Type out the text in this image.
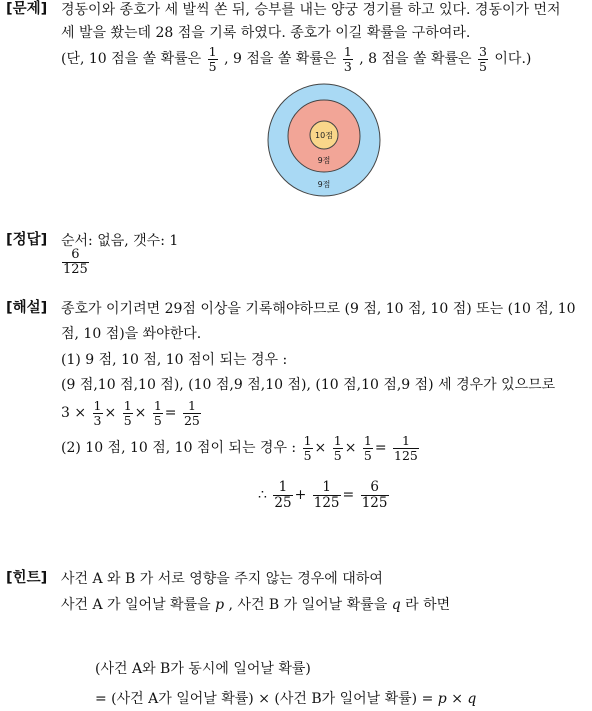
[문제] 경동이와 종호가 세 발씩 쏜 뒤, 승부를 내는 양궁 경기를 하고 있다. 경동이가 먼저
세 발을 쐈는데 28 점을 기록 하였다. 종호가 이길 확률을 구하여라.
(단, 10 점을 쏠 확률은 $\frac{1}{5}$ , 9 점을 쏠 확률은 $\frac{1}{3}$ , 8 점을 쏠 확률은 $\frac{3}{5}$ 이다.)
10점
9점
9점
[정답] 순서: 없음, 갯수: 1
$\frac{6}{125}$
[해설] 종호가 이기려면 29점 이상을 기록해야하므로 (9 점, 10 점, 10 점) 또는 (10 점, 10
점, 10 점)을 쏴야한다.
(1) 9 점, 10 점, 10 점이 되는 경우 :
(9 점,10 점,10 점), (10 점,9 점,10 점), (10 점,10 점,9 점) 세 경우가 있으므로
$3 \times \frac{1}{3} \times \frac{1}{5} \times \frac{1}{5} = \frac{1}{25}$
(2) 10 점, 10 점, 10 점이 되는 경우 : $\frac{1}{5} \times \frac{1}{5} \times \frac{1}{5} = \frac{1}{125}$
∴ $\frac{1}{25} + \frac{1}{125} = \frac{6}{125}$
[힌트] 사건 A 와 B 가 서로 영향을 주지 않는 경우에 대하여
사건 A 가 일어날 확률을 p , 사건 B 가 일어날 확률을 q 라 하면
(사건 A와 B가 동시에 일어날 확률)
= (사건 A가 일어날 확률) × (사건 B가 일어날 확률) = p × q
